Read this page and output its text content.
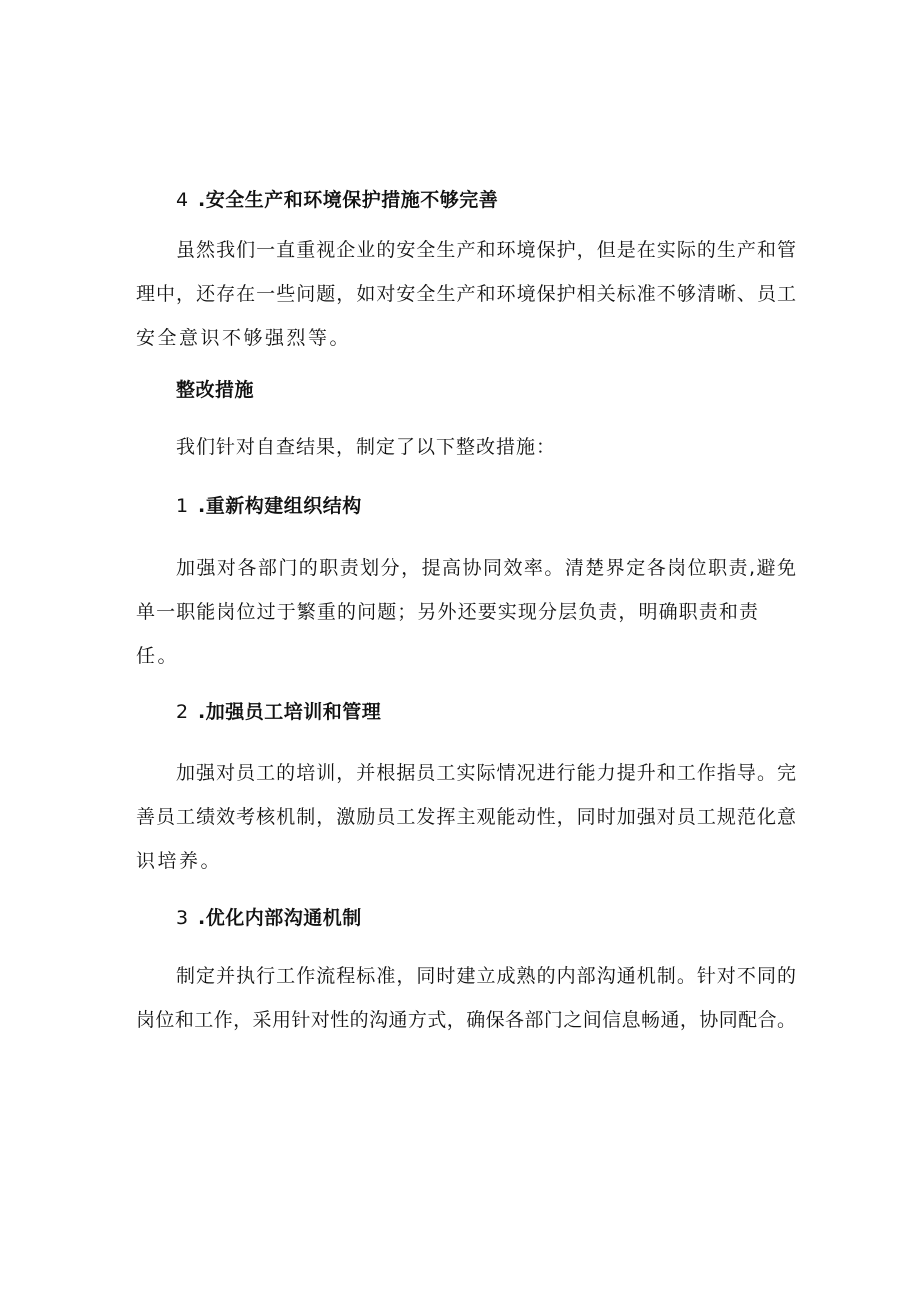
4 .安全生产和环境保护措施不够完善
虽然我们一直重视企业的安全生产和环境保护，但是在实际的生产和管
理中，还存在一些问题，如对安全生产和环境保护相关标准不够清晰、员工
安全意识不够强烈等。
整改措施
我们针对自查结果，制定了以下整改措施：
1 .重新构建组织结构
加强对各部门的职责划分，提高协同效率。清楚界定各岗位职责,避免
单一职能岗位过于繁重的问题；另外还要实现分层负责，明确职责和责
任。
2 .加强员工培训和管理
加强对员工的培训，并根据员工实际情况进行能力提升和工作指导。完
善员工绩效考核机制，激励员工发挥主观能动性，同时加强对员工规范化意
识培养。
3 .优化内部沟通机制
制定并执行工作流程标准，同时建立成熟的内部沟通机制。针对不同的
岗位和工作，采用针对性的沟通方式，确保各部门之间信息畅通，协同配合。
